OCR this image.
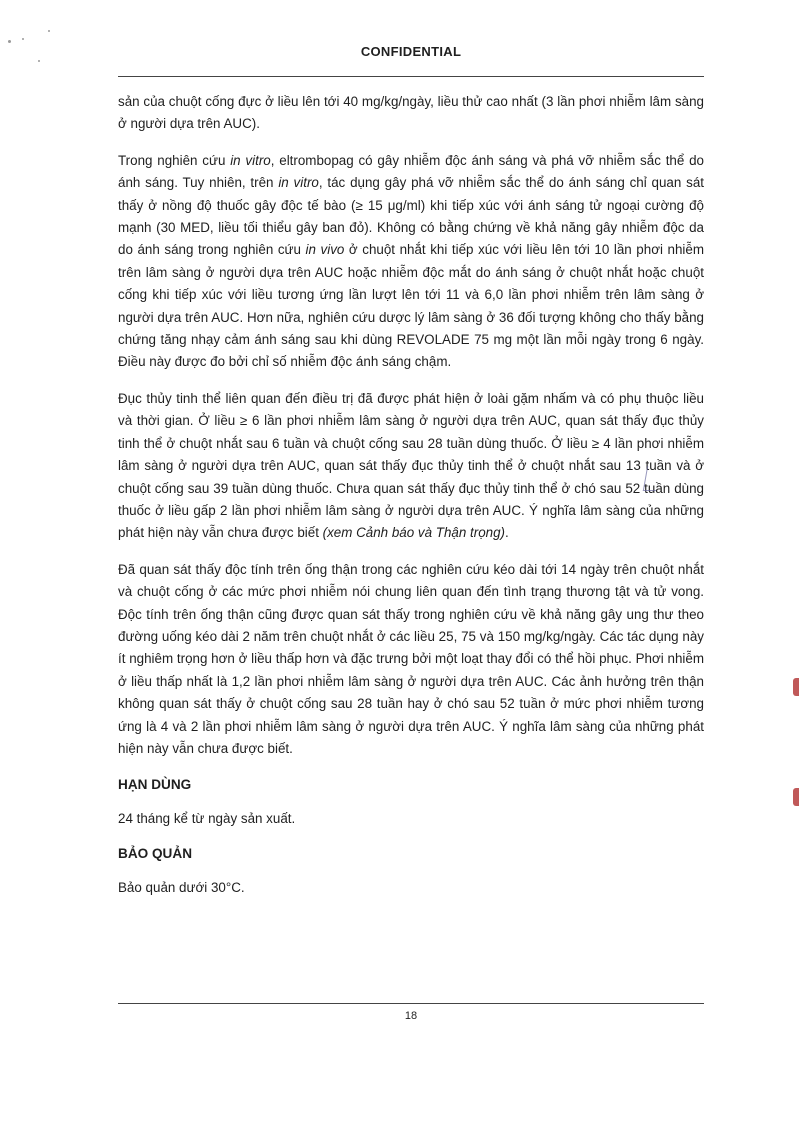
CONFIDENTIAL

sản của chuột cống đực ở liều lên tới 40 mg/kg/ngày, liều thử cao nhất (3 lần phơi nhiễm lâm sàng ở người dựa trên AUC).

Trong nghiên cứu in vitro, eltrombopag có gây nhiễm độc ánh sáng và phá vỡ nhiễm sắc thể do ánh sáng. Tuy nhiên, trên in vitro, tác dụng gây phá vỡ nhiễm sắc thể do ánh sáng chỉ quan sát thấy ở nồng độ thuốc gây độc tế bào (≥ 15 μg/ml) khi tiếp xúc với ánh sáng tử ngoại cường độ mạnh (30 MED, liều tối thiểu gây ban đỏ). Không có bằng chứng về khả năng gây nhiễm độc da do ánh sáng trong nghiên cứu in vivo ở chuột nhắt khi tiếp xúc với liều lên tới 10 lần phơi nhiễm trên lâm sàng ở người dựa trên AUC hoặc nhiễm độc mắt do ánh sáng ở chuột nhắt hoặc chuột cống khi tiếp xúc với liều tương ứng lần lượt lên tới 11 và 6,0 lần phơi nhiễm trên lâm sàng ở người dựa trên AUC. Hơn nữa, nghiên cứu dược lý lâm sàng ở 36 đối tượng không cho thấy bằng chứng tăng nhạy cảm ánh sáng sau khi dùng REVOLADE 75 mg một lần mỗi ngày trong 6 ngày. Điều này được đo bởi chỉ số nhiễm độc ánh sáng chậm.

Đục thủy tinh thể liên quan đến điều trị đã được phát hiện ở loài gặm nhấm và có phụ thuộc liều và thời gian. Ở liều ≥ 6 lần phơi nhiễm lâm sàng ở người dựa trên AUC, quan sát thấy đục thủy tinh thể ở chuột nhắt sau 6 tuần và chuột cống sau 28 tuần dùng thuốc. Ở liều ≥ 4 lần phơi nhiễm lâm sàng ở người dựa trên AUC, quan sát thấy đục thủy tinh thể ở chuột nhắt sau 13 tuần và ở chuột cống sau 39 tuần dùng thuốc. Chưa quan sát thấy đục thủy tinh thể ở chó sau 52 tuần dùng thuốc ở liều gấp 2 lần phơi nhiễm lâm sàng ở người dựa trên AUC. Ý nghĩa lâm sàng của những phát hiện này vẫn chưa được biết (xem Cảnh báo và Thận trọng).

Đã quan sát thấy độc tính trên ống thận trong các nghiên cứu kéo dài tới 14 ngày trên chuột nhắt và chuột cống ở các mức phơi nhiễm nói chung liên quan đến tình trạng thương tật và tử vong. Độc tính trên ống thận cũng được quan sát thấy trong nghiên cứu về khả năng gây ung thư theo đường uống kéo dài 2 năm trên chuột nhắt ở các liều 25, 75 và 150 mg/kg/ngày. Các tác dụng này ít nghiêm trọng hơn ở liều thấp hơn và đặc trưng bởi một loạt thay đổi có thể hồi phục. Phơi nhiễm ở liều thấp nhất là 1,2 lần phơi nhiễm lâm sàng ở người dựa trên AUC. Các ảnh hưởng trên thận không quan sát thấy ở chuột cống sau 28 tuần hay ở chó sau 52 tuần ở mức phơi nhiễm tương ứng là 4 và 2 lần phơi nhiễm lâm sàng ở người dựa trên AUC. Ý nghĩa lâm sàng của những phát hiện này vẫn chưa được biết.

HẠN DÙNG

24 tháng kể từ ngày sản xuất.

BẢO QUẢN

Bảo quản dưới 30°C.

18
